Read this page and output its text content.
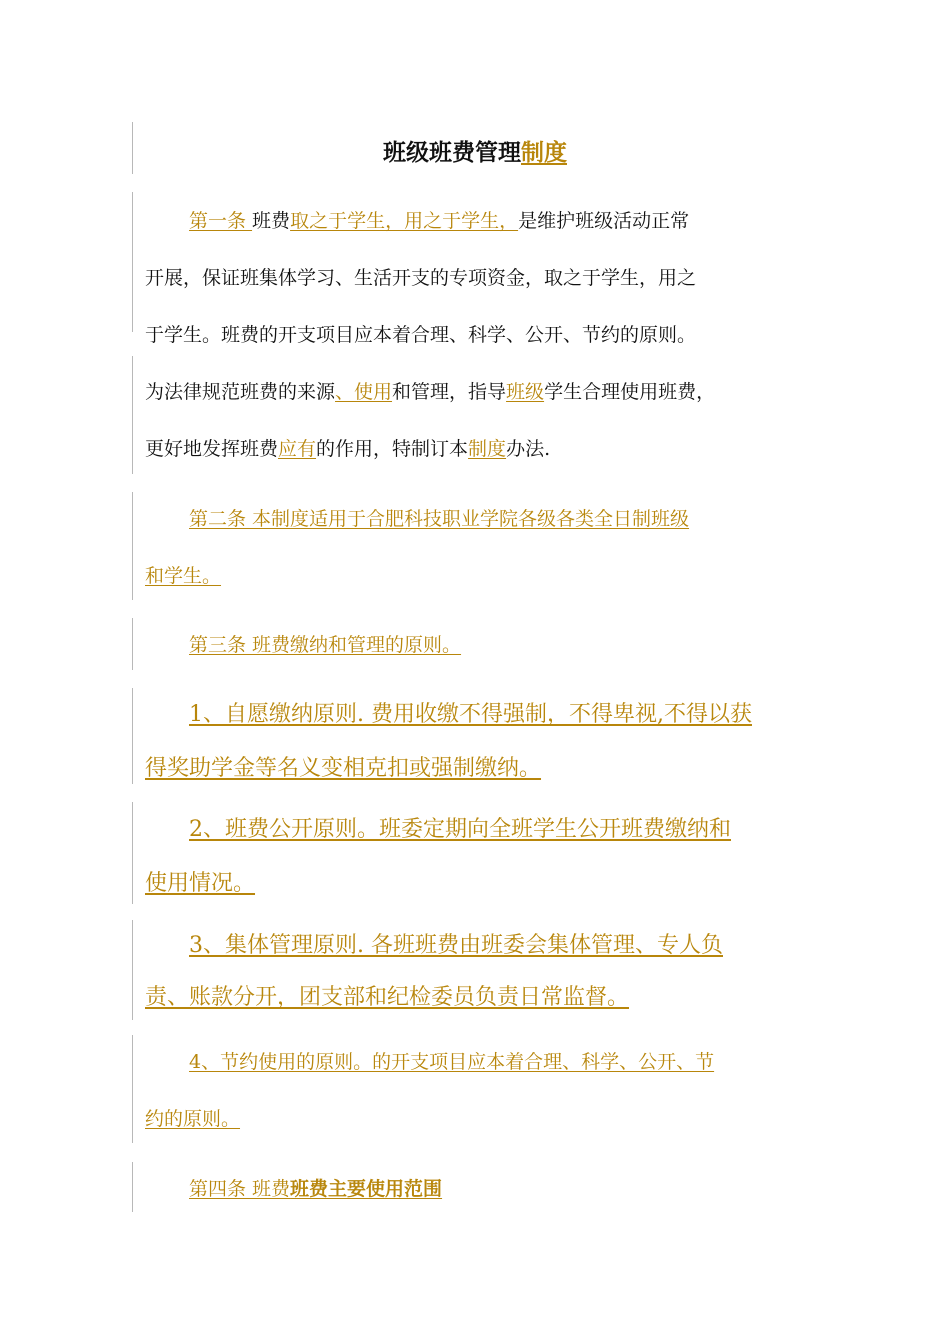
班级班费管理制度
第一条 班费取之于学生，用之于学生，是维护班级活动正常
开展，保证班集体学习、生活开支的专项资金，取之于学生，用之
于学生。班费的开支项目应本着合理、科学、公开、节约的原则。
为法律规范班费的来源、使用和管理，指导班级学生合理使用班费，
更好地发挥班费应有的作用，特制订本制度办法.
第二条 本制度适用于合肥科技职业学院各级各类全日制班级
和学生。
第三条 班费缴纳和管理的原则。
1、自愿缴纳原则. 费用收缴不得强制，不得卑视,不得以获
得奖助学金等名义变相克扣或强制缴纳。
2、班费公开原则。班委定期向全班学生公开班费缴纳和
使用情况。
3、集体管理原则. 各班班费由班委会集体管理、专人负
责、账款分开，团支部和纪检委员负责日常监督。
4、节约使用的原则。的开支项目应本着合理、科学、公开、节
约的原则。
第四条 班费班费主要使用范围
